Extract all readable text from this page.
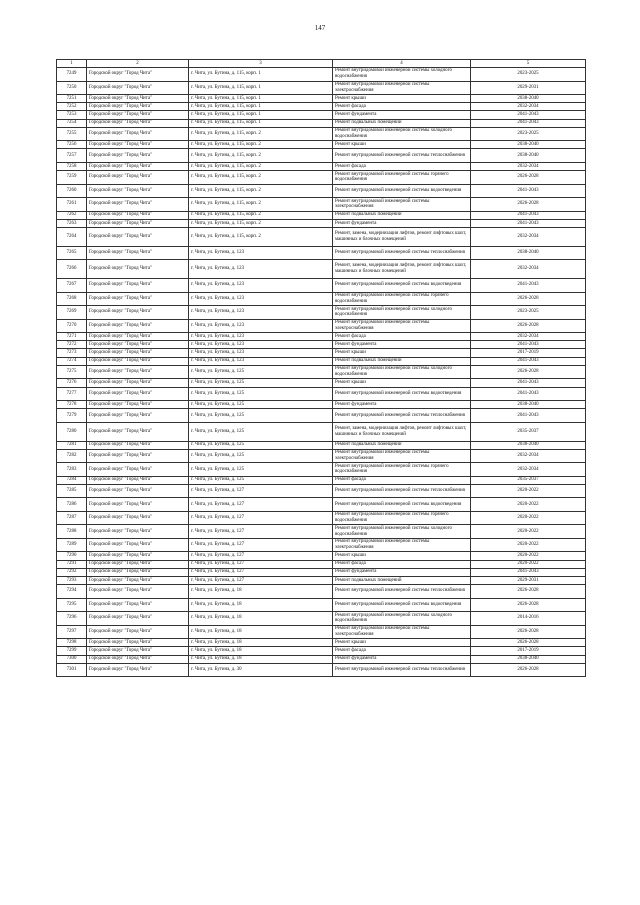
147
1	2	3	4	5
7249	Городской округ "Город Чита"	г. Чита, ул. Бутина, д. 115, корп. 1	Ремонт внутридомовой инженерной системы холодного водоснабжения	2023-2025
7250	Городской округ "Город Чита"	г. Чита, ул. Бутина, д. 115, корп. 1	Ремонт внутридомовой инженерной системы электроснабжения	2029-2031
7251	Городской округ "Город Чита"	г. Чита, ул. Бутина, д. 115, корп. 1	Ремонт крыши	2038-2040
7252	Городской округ "Город Чита"	г. Чита, ул. Бутина, д. 115, корп. 1	Ремонт фасада	2032-2034
7253	Городской округ "Город Чита"	г. Чита, ул. Бутина, д. 115, корп. 1	Ремонт фундамента	2041-2043
7254	Городской округ "Город Чита"	г. Чита, ул. Бутина, д. 115, корп. 1	Ремонт подвальных помещений	2041-2043
7255	Городской округ "Город Чита"	г. Чита, ул. Бутина, д. 115, корп. 2	Ремонт внутридомовой инженерной системы холодного водоснабжения	2023-2025
7256	Городской округ "Город Чита"	г. Чита, ул. Бутина, д. 115, корп. 2	Ремонт крыши	2038-2040
7257	Городской округ "Город Чита"	г. Чита, ул. Бутина, д. 115, корп. 2	Ремонт внутридомовой инженерной системы теплоснабжения	2038-2040
7258	Городской округ "Город Чита"	г. Чита, ул. Бутина, д. 115, корп. 2	Ремонт фасада	2032-2034
7259	Городской округ "Город Чита"	г. Чита, ул. Бутина, д. 115, корп. 2	Ремонт внутридомовой инженерной системы горячего водоснабжения	2026-2028
7260	Городской округ "Город Чита"	г. Чита, ул. Бутина, д. 115, корп. 2	Ремонт внутридомовой инженерной системы водоотведения	2041-2043
7261	Городской округ "Город Чита"	г. Чита, ул. Бутина, д. 115, корп. 2	Ремонт внутридомовой инженерной системы электроснабжения	2026-2028
7262	Городской округ "Город Чита"	г. Чита, ул. Бутина, д. 115, корп. 2	Ремонт подвальных помещений	2041-2043
7263	Городской округ "Город Чита"	г. Чита, ул. Бутина, д. 115, корп. 2	Ремонт фундамента	2041-2043
7264	Городской округ "Город Чита"	г. Чита, ул. Бутина, д. 115, корп. 2	Ремонт, замена, модернизация лифтов, ремонт лифтовых шахт, машинных и блочных помещений	2032-2034
7265	Городской округ "Город Чита"	г. Чита, ул. Бутина, д. 123	Ремонт внутридомовой инженерной системы теплоснабжения	2038-2040
7266	Городской округ "Город Чита"	г. Чита, ул. Бутина, д. 123	Ремонт, замена, модернизация лифтов, ремонт лифтовых шахт, машинных и блочных помещений	2032-2034
7267	Городской округ "Город Чита"	г. Чита, ул. Бутина, д. 123	Ремонт внутридомовой инженерной системы водоотведения	2041-2043
7268	Городской округ "Город Чита"	г. Чита, ул. Бутина, д. 123	Ремонт внутридомовой инженерной системы горячего водоснабжения	2026-2028
7269	Городской округ "Город Чита"	г. Чита, ул. Бутина, д. 123	Ремонт внутридомовой инженерной системы холодного водоснабжения	2023-2025
7270	Городской округ "Город Чита"	г. Чита, ул. Бутина, д. 123	Ремонт внутридомовой инженерной системы электроснабжения	2026-2028
7271	Городской округ "Город Чита"	г. Чита, ул. Бутина, д. 123	Ремонт фасада	2032-2034
7272	Городской округ "Город Чита"	г. Чита, ул. Бутина, д. 123	Ремонт фундамента	2041-2043
7273	Городской округ "Город Чита"	г. Чита, ул. Бутина, д. 123	Ремонт крыши	2017-2019
7274	Городской округ "Город Чита"	г. Чита, ул. Бутина, д. 123	Ремонт подвальных помещений	2041-2043
7275	Городской округ "Город Чита"	г. Чита, ул. Бутина, д. 125	Ремонт внутридомовой инженерной системы холодного водоснабжения	2026-2028
7276	Городской округ "Город Чита"	г. Чита, ул. Бутина, д. 125	Ремонт крыши	2041-2043
7277	Городской округ "Город Чита"	г. Чита, ул. Бутина, д. 125	Ремонт внутридомовой инженерной системы водоотведения	2041-2043
7278	Городской округ "Город Чита"	г. Чита, ул. Бутина, д. 125	Ремонт фундамента	2038-2040
7279	Городской округ "Город Чита"	г. Чита, ул. Бутина, д. 125	Ремонт внутридомовой инженерной системы теплоснабжения	2041-2043
7280	Городской округ "Город Чита"	г. Чита, ул. Бутина, д. 125	Ремонт, замена, модернизация лифтов, ремонт лифтовых шахт, машинных и блочных помещений	2035-2037
7281	Городской округ "Город Чита"	г. Чита, ул. Бутина, д. 125	Ремонт подвальных помещений	2038-2040
7282	Городской округ "Город Чита"	г. Чита, ул. Бутина, д. 125	Ремонт внутридомовой инженерной системы электроснабжения	2032-2034
7283	Городской округ "Город Чита"	г. Чита, ул. Бутина, д. 125	Ремонт внутридомовой инженерной системы горячего водоснабжения	2032-2034
7284	Городской округ "Город Чита"	г. Чита, ул. Бутина, д. 125	Ремонт фасада	2035-2037
7285	Городской округ "Город Чита"	г. Чита, ул. Бутина, д. 127	Ремонт внутридомовой инженерной системы теплоснабжения	2020-2022
7286	Городской округ "Город Чита"	г. Чита, ул. Бутина, д. 127	Ремонт внутридомовой инженерной системы водоотведения	2020-2022
7287	Городской округ "Город Чита"	г. Чита, ул. Бутина, д. 127	Ремонт внутридомовой инженерной системы горячего водоснабжения	2020-2022
7288	Городской округ "Город Чита"	г. Чита, ул. Бутина, д. 127	Ремонт внутридомовой инженерной системы холодного водоснабжения	2020-2022
7289	Городской округ "Город Чита"	г. Чита, ул. Бутина, д. 127	Ремонт внутридомовой инженерной системы электроснабжения	2020-2022
7290	Городской округ "Город Чита"	г. Чита, ул. Бутина, д. 127	Ремонт крыши	2020-2022
7291	Городской округ "Город Чита"	г. Чита, ул. Бутина, д. 127	Ремонт фасада	2020-2022
7292	Городской округ "Город Чита"	г. Чита, ул. Бутина, д. 127	Ремонт фундамента	2041-2043
7293	Городской округ "Город Чита"	г. Чита, ул. Бутина, д. 127	Ремонт подвальных помещений	2029-2031
7294	Городской округ "Город Чита"	г. Чита, ул. Бутина, д. 18	Ремонт внутридомовой инженерной системы теплоснабжения	2026-2028
7295	Городской округ "Город Чита"	г. Чита, ул. Бутина, д. 18	Ремонт внутридомовой инженерной системы водоотведения	2026-2028
7296	Городской округ "Город Чита"	г. Чита, ул. Бутина, д. 18	Ремонт внутридомовой инженерной системы холодного водоснабжения	2014-2016
7297	Городской округ "Город Чита"	г. Чита, ул. Бутина, д. 18	Ремонт внутридомовой инженерной системы электроснабжения	2026-2028
7298	Городской округ "Город Чита"	г. Чита, ул. Бутина, д. 18	Ремонт крыши	2026-2028
7299	Городской округ "Город Чита"	г. Чита, ул. Бутина, д. 18	Ремонт фасада	2017-2019
7300	Городской округ "Город Чита"	г. Чита, ул. Бутина, д. 18	Ремонт фундамента	2038-2040
7301	Городской округ "Город Чита"	г. Чита, ул. Бутина, д. 30	Ремонт внутридомовой инженерной системы теплоснабжения	2026-2028
